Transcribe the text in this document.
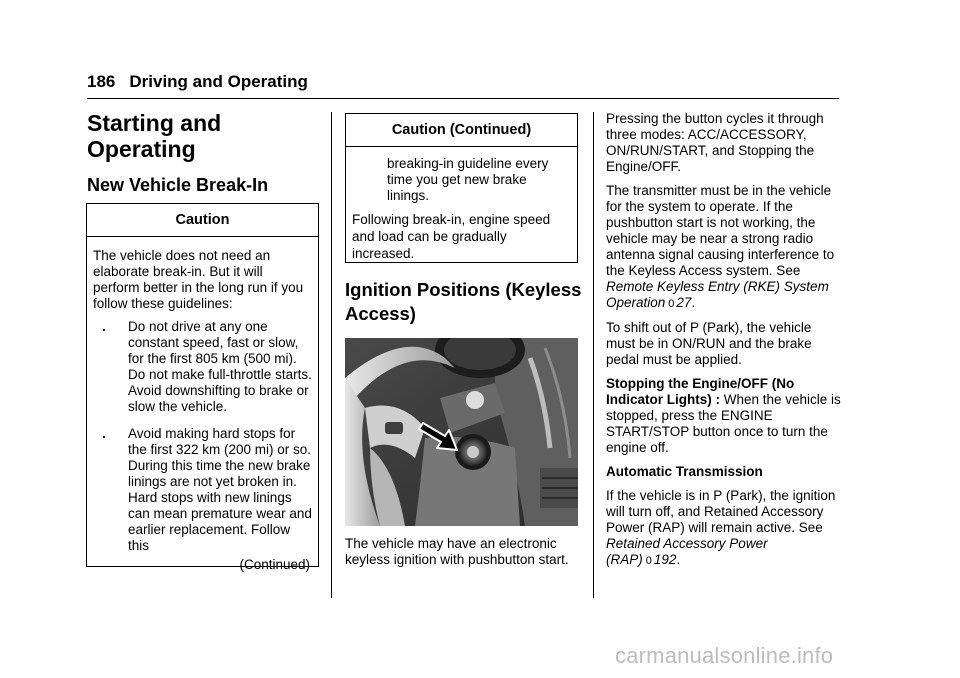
186 Driving and Operating
Starting and Operating
New Vehicle Break-In
Caution
The vehicle does not need an elaborate break-in. But it will perform better in the long run if you follow these guidelines:
. Do not drive at any one constant speed, fast or slow, for the first 805 km (500 mi). Do not make full-throttle starts. Avoid downshifting to brake or slow the vehicle.
. Avoid making hard stops for the first 322 km (200 mi) or so. During this time the new brake linings are not yet broken in. Hard stops with new linings can mean premature wear and earlier replacement. Follow this
(Continued)
Caution (Continued)
breaking-in guideline every time you get new brake linings.
Following break-in, engine speed and load can be gradually increased.
Ignition Positions (Keyless Access)
The vehicle may have an electronic keyless ignition with pushbutton start.

Pressing the button cycles it through three modes: ACC/ACCESSORY, ON/RUN/START, and Stopping the Engine/OFF.

The transmitter must be in the vehicle for the system to operate. If the pushbutton start is not working, the vehicle may be near a strong radio antenna signal causing interference to the Keyless Access system. See Remote Keyless Entry (RKE) System Operation 0 27.

To shift out of P (Park), the vehicle must be in ON/RUN and the brake pedal must be applied.

Stopping the Engine/OFF (No Indicator Lights) : When the vehicle is stopped, press the ENGINE START/STOP button once to turn the engine off.

Automatic Transmission

If the vehicle is in P (Park), the ignition will turn off, and Retained Accessory Power (RAP) will remain active. See Retained Accessory Power (RAP) 0 192.

carmanualsonline.info
